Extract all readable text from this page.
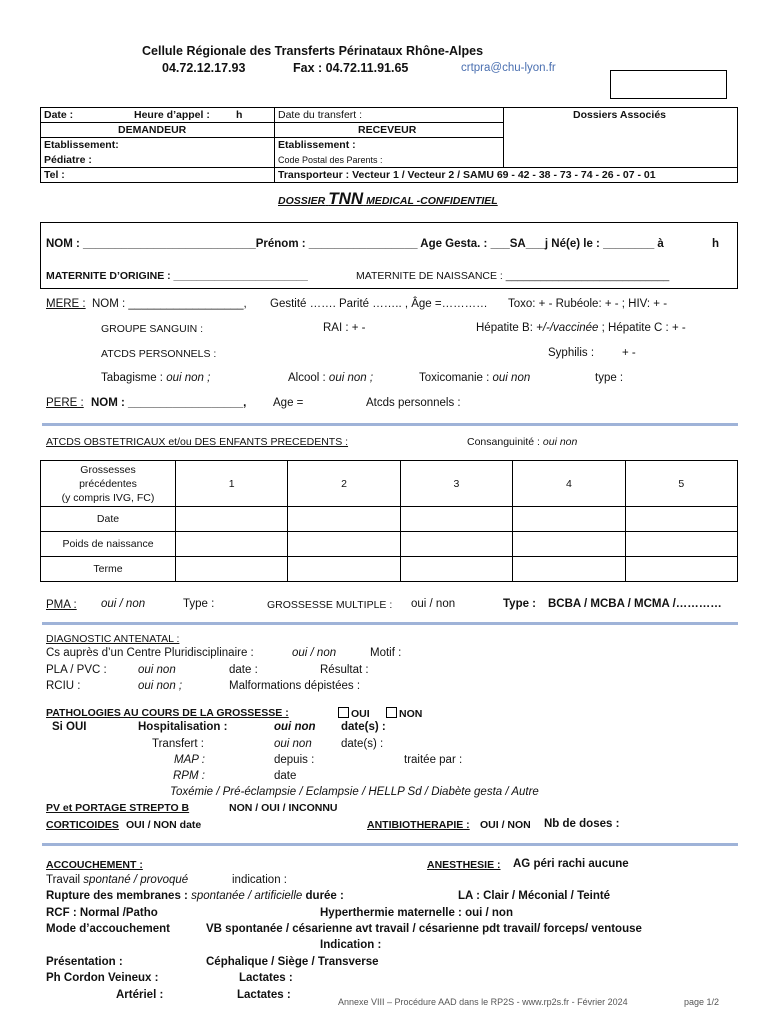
Cellule Régionale des Transferts Périnataux Rhône-Alpes
04.72.12.17.93	Fax : 04.72.11.91.65	crtpra@chu-lyon.fr
Date :	Heure d’appel : h	Date du transfert :	Dossiers Associés
DEMANDEUR	RECEVEUR
Etablissement:	Etablissement :
Pédiatre :	Code Postal des Parents :
Tel :	Transporteur : Vecteur 1 / Vecteur 2 / SAMU 69 - 42 - 38 - 73 - 74 - 26 - 07 - 01
DOSSIER TNN MEDICAL -CONFIDENTIEL
NOM : ___________________________Prénom : _________________ Age Gesta. : ___SA___j Né(e) le : ________ à	h
MATERNITE D’ORIGINE : _______________________	MATERNITE DE NAISSANCE : ____________________________
MERE : NOM : __________________, Gestité ……. Parité …….. , Âge =………… Toxo: + - Rubéole: + - ; HIV: + -
GROUPE SANGUIN :	RAI : + -	Hépatite B: +/-/vaccinée ; Hépatite C : + -
ATCDS PERSONNELS :	Syphilis : + -
Tabagisme : oui non ;	Alcool : oui non ;	Toxicomanie : oui non	type :
PERE : NOM : __________________, Age =	Atcds personnels :
ATCDS OBSTETRICAUX et/ou DES ENFANTS PRECEDENTS :	Consanguinité : oui non
Grossesses
précédentes
(y compris IVG, FC)	1	2	3	4	5
Date					
Poids de naissance					
Terme					
PMA : oui / non	Type :	GROSSESSE MULTIPLE : oui / non	Type : BCBA / MCBA / MCMA /…………
DIAGNOSTIC ANTENATAL :
Cs auprès d’un Centre Pluridisciplinaire :	oui / non	Motif :
PLA / PVC :	oui non	date :	Résultat :
RCIU :	oui non ;	Malformations dépistées :
PATHOLOGIES AU COURS DE LA GROSSESSE :	OUI	NON
Si OUI	Hospitalisation :	oui non date(s) :
Transfert :	oui non	date(s) :
MAP :	depuis :	traitée par :
RPM :	date
Toxémie / Pré-éclampsie / Eclampsie / HELLP Sd / Diabète gesta / Autre
PV et PORTAGE STREPTO B	NON / OUI / INCONNU
CORTICOIDES OUI / NON date	ANTIBIOTHERAPIE : OUI / NON Nb de doses :
ACCOUCHEMENT :	ANESTHESIE : AG péri rachi aucune
Travail spontané / provoqué	indication :
Rupture des membranes : spontanée / artificielle durée :	LA : Clair / Méconial / Teinté
RCF : Normal /Patho	Hyperthermie maternelle : oui / non
Mode d’accouchement	VB spontanée / césarienne avt travail / césarienne pdt travail/ forceps/ ventouse
Indication :
Présentation :	Céphalique / Siège / Transverse
Ph Cordon Veineux :	Lactates :
Artériel :	Lactates :
Annexe VIII – Procédure AAD dans le RP2S - www.rp2s.fr - Février 2024	page 1/2
